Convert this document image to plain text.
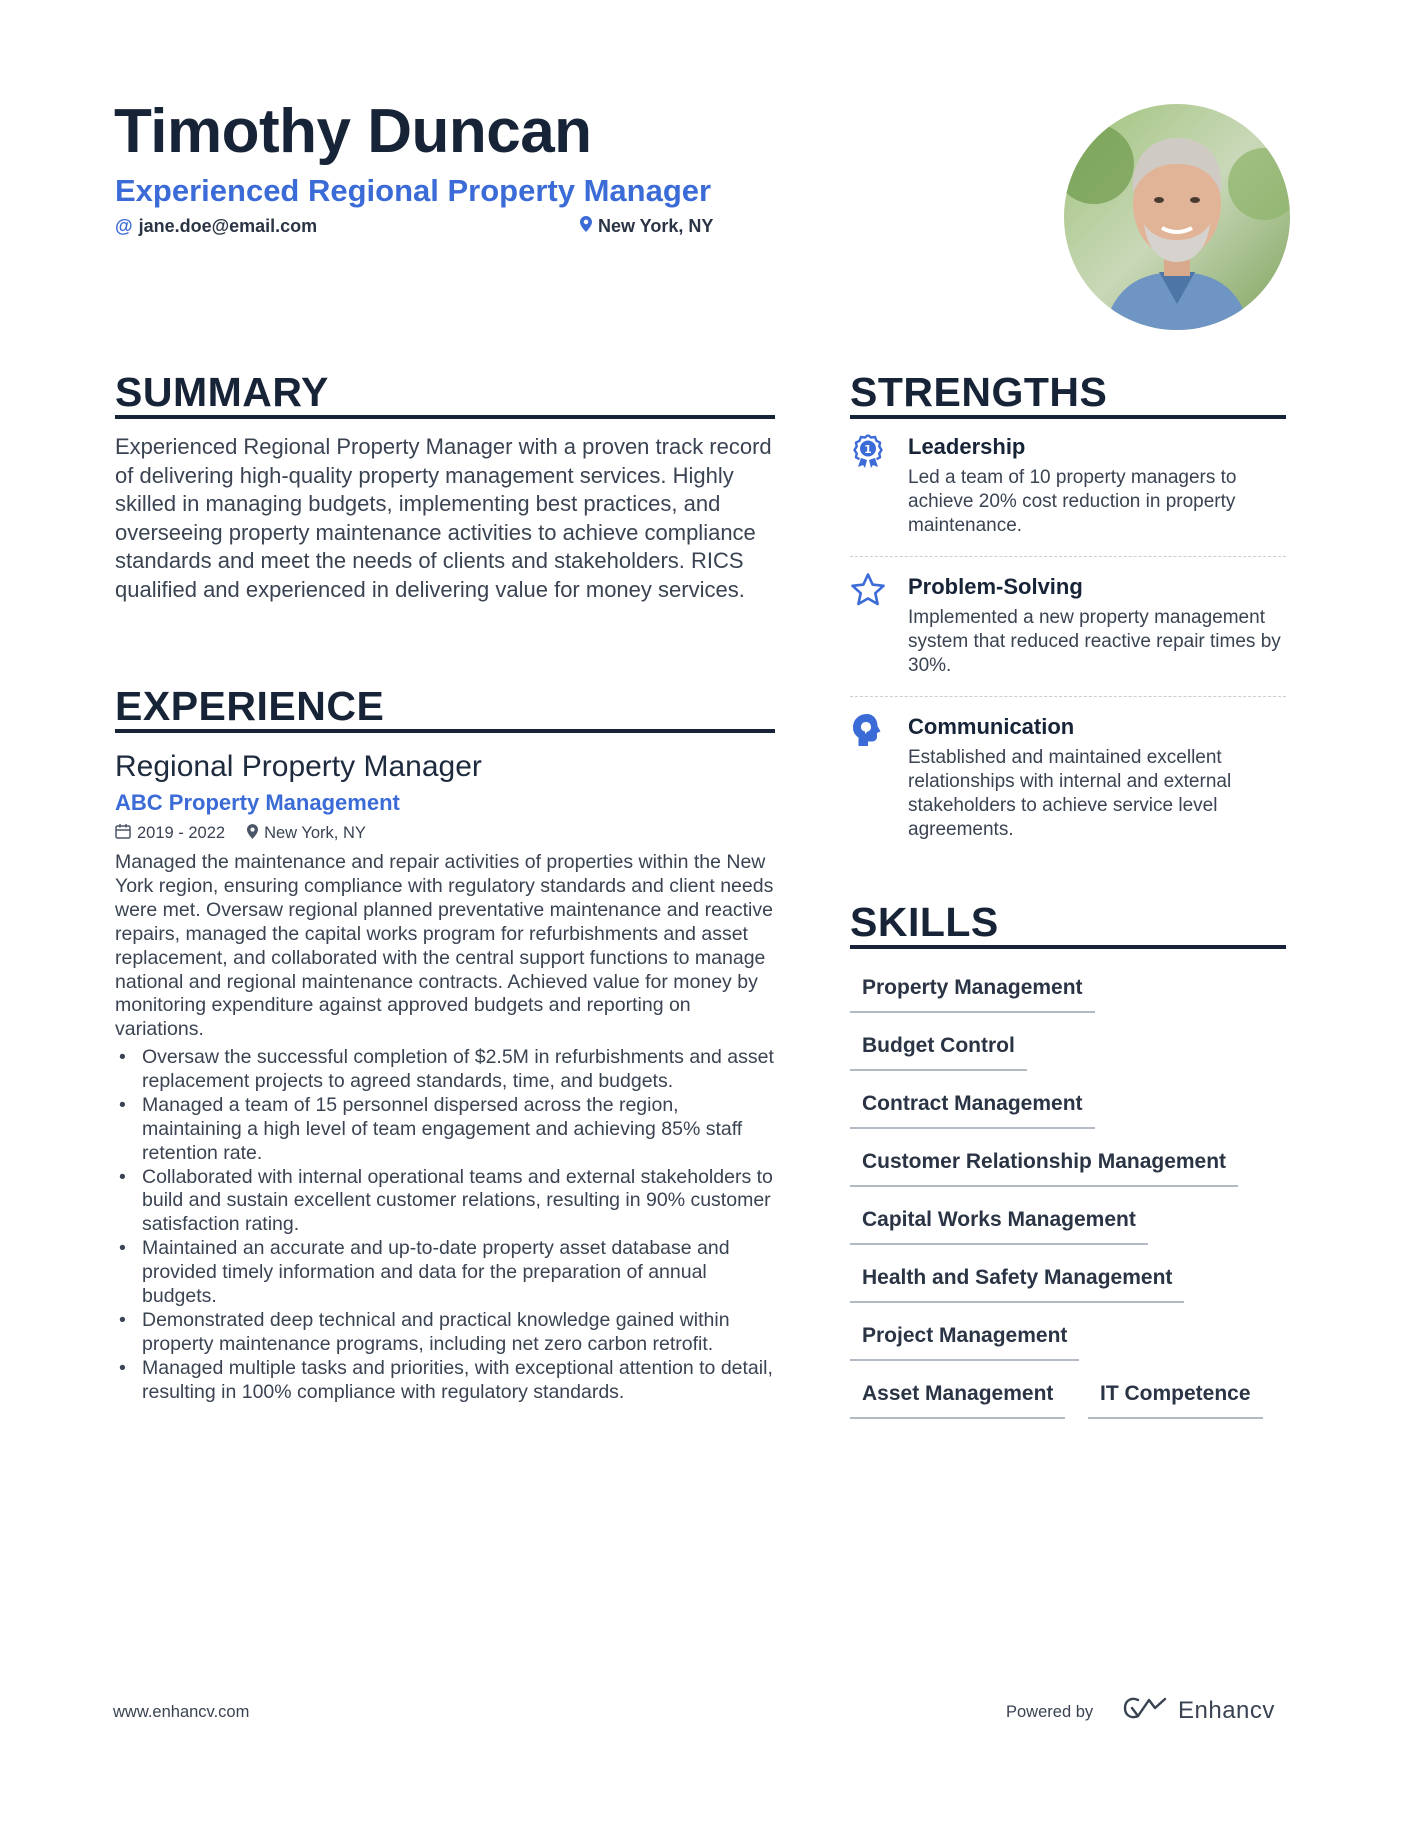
Timothy Duncan
Experienced Regional Property Manager
@ jane.doe@email.com	New York, NY
SUMMARY
Experienced Regional Property Manager with a proven track record of delivering high-quality property management services. Highly skilled in managing budgets, implementing best practices, and overseeing property maintenance activities to achieve compliance standards and meet the needs of clients and stakeholders. RICS qualified and experienced in delivering value for money services.
EXPERIENCE
Regional Property Manager
ABC Property Management
2019 - 2022 New York, NY
Managed the maintenance and repair activities of properties within the New York region, ensuring compliance with regulatory standards and client needs were met. Oversaw regional planned preventative maintenance and reactive repairs, managed the capital works program for refurbishments and asset replacement, and collaborated with the central support functions to manage national and regional maintenance contracts. Achieved value for money by monitoring expenditure against approved budgets and reporting on variations.
• Oversaw the successful completion of $2.5M in refurbishments and asset replacement projects to agreed standards, time, and budgets.
• Managed a team of 15 personnel dispersed across the region, maintaining a high level of team engagement and achieving 85% staff retention rate.
• Collaborated with internal operational teams and external stakeholders to build and sustain excellent customer relations, resulting in 90% customer satisfaction rating.
• Maintained an accurate and up-to-date property asset database and provided timely information and data for the preparation of annual budgets.
• Demonstrated deep technical and practical knowledge gained within property maintenance programs, including net zero carbon retrofit.
• Managed multiple tasks and priorities, with exceptional attention to detail, resulting in 100% compliance with regulatory standards.
STRENGTHS
1 Leadership
Led a team of 10 property managers to achieve 20% cost reduction in property maintenance.
Problem-Solving
Implemented a new property management system that reduced reactive repair times by 30%.
Communication
Established and maintained excellent relationships with internal and external stakeholders to achieve service level agreements.
SKILLS
Property Management
Budget Control
Contract Management
Customer Relationship Management
Capital Works Management
Health and Safety Management
Project Management
Asset Management	IT Competence
www.enhancv.com	Powered by	Enhancv
